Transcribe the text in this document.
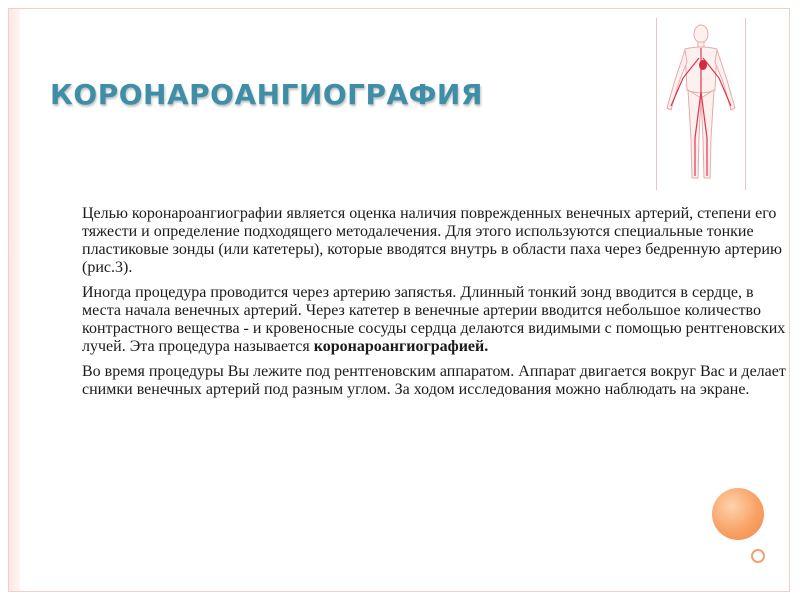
КОРОНАРОАНГИОГРАФИЯ

Целью коронароангиографии является оценка наличия поврежденных венечных артерий, степени его тяжести и определение подходящего методалечения. Для этого используются специальные тонкие пластиковые зонды (или катетеры), которые вводятся внутрь в области паха через бедренную артерию (рис.3).

Иногда процедура проводится через артерию запястья. Длинный тонкий зонд вводится в сердце, в места начала венечных артерий. Через катетер в венечные артерии вводится небольшое количество контрастного вещества - и кровеносные сосуды сердца делаются видимыми с помощью рентгеновских лучей. Эта процедура называется коронароангиографией.

Во время процедуры Вы лежите под рентгеновским аппаратом. Аппарат двигается вокруг Вас и делает снимки венечных артерий под разным углом. За ходом исследования можно наблюдать на экране.
